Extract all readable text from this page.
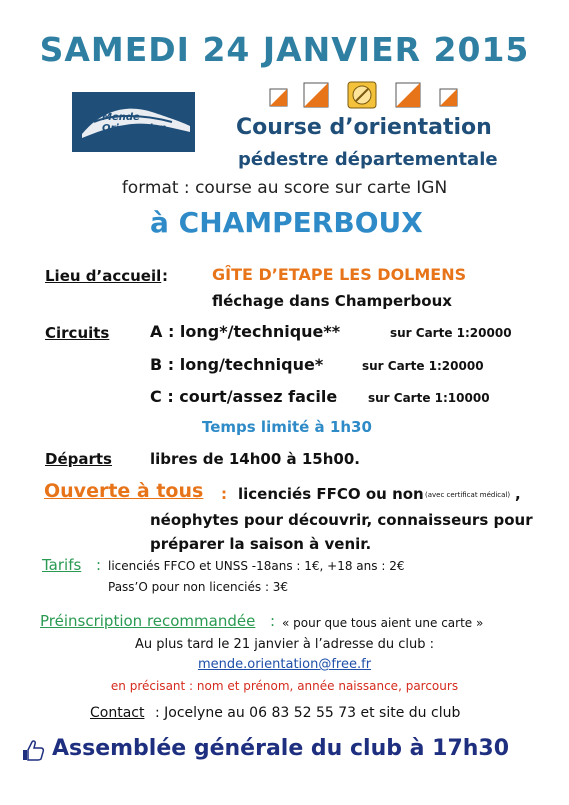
SAMEDI 24 JANVIER 2015
Mende
Orientation	Course d’orientation
pédestre départementale
format : course au score sur carte IGN
à CHAMPERBOUX
Lieu d’accueil :	GÎTE D’ETAPE LES DOLMENS
fléchage dans Champerboux
Circuits	A : long*/technique**	sur Carte 1:20000
B : long/technique*	sur Carte 1:20000
C : court/assez facile	sur Carte 1:10000
Temps limité à 1h30
Départs	libres de 14h00 à 15h00.
Ouverte à tous : licenciés FFCO ou non (avec certificat médical) ,
néophytes pour découvrir, connaisseurs pour
préparer la saison à venir.
Tarifs : licenciés FFCO et UNSS -18ans : 1€, +18 ans : 2€
Pass’O pour non licenciés : 3€
Préinscription recommandée : « pour que tous aient une carte »
Au plus tard le 21 janvier à l’adresse du club :
mende.orientation@free.fr
en précisant : nom et prénom, année naissance, parcours
Contact : Jocelyne au 06 83 52 55 73 et site du club
Assemblée générale du club à 17h30
